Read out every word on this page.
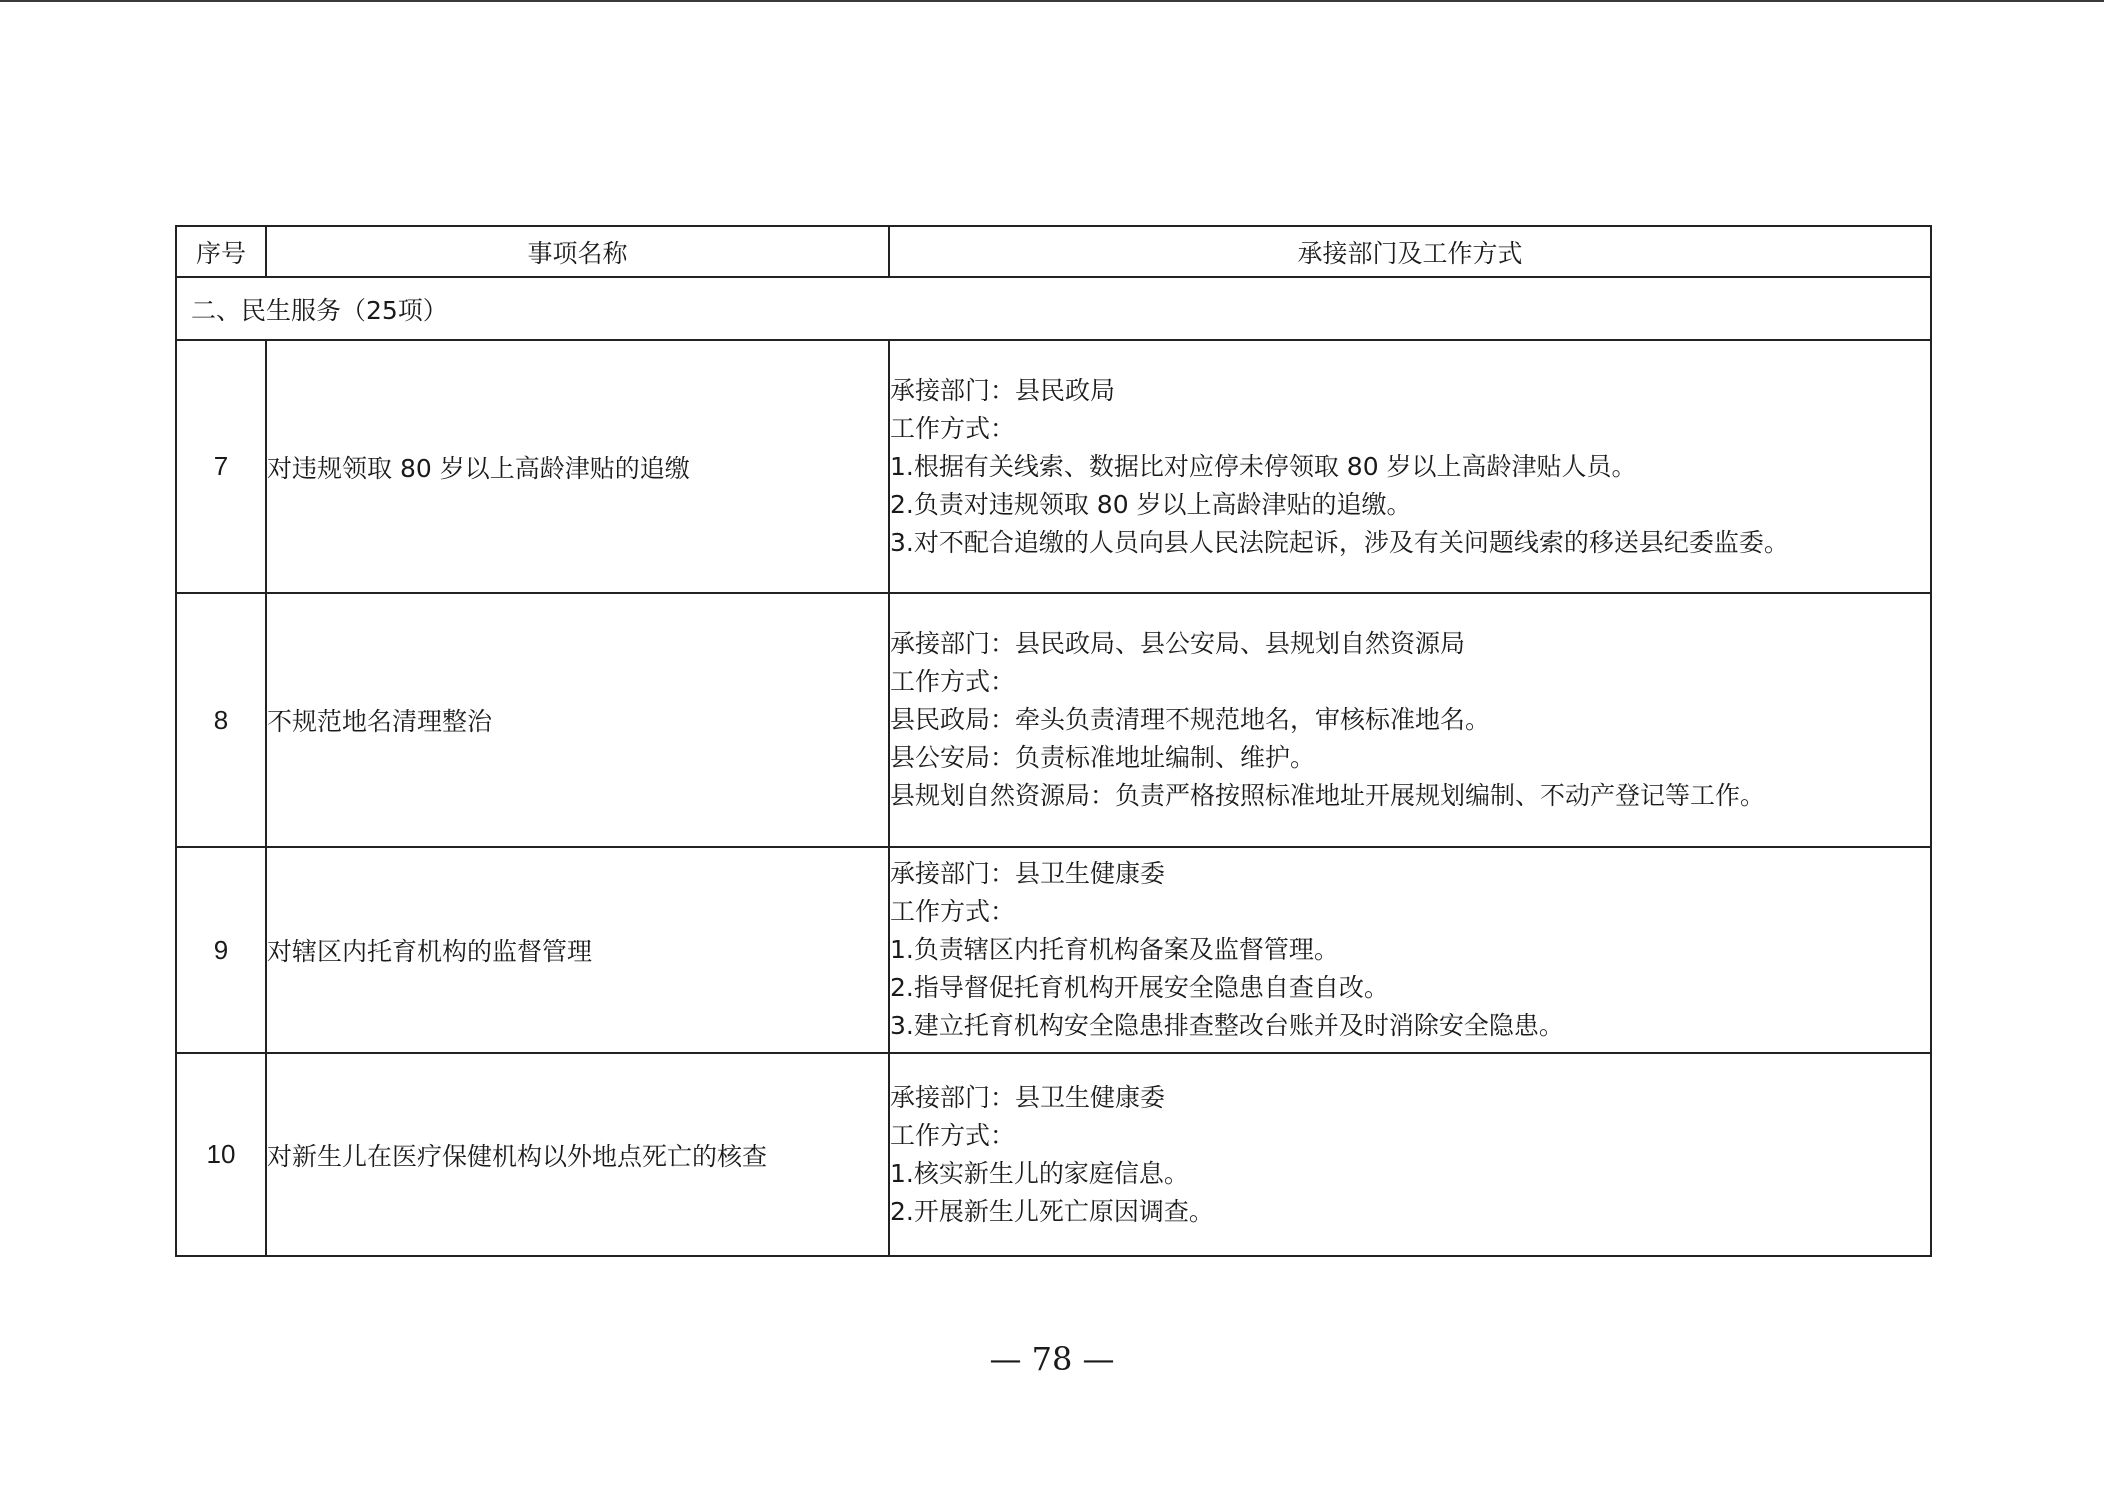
序号	事项名称	承接部门及工作方式
二、民生服务（25项）		
7	对违规领取 80 岁以上高龄津贴的追缴	承接部门：县民政局
工作方式：
1.根据有关线索、数据比对应停未停领取 80 岁以上高龄津贴人员。
2.负责对违规领取 80 岁以上高龄津贴的追缴。
3.对不配合追缴的人员向县人民法院起诉，涉及有关问题线索的移送县纪委监委。

8	不规范地名清理整治	承接部门：县民政局、县公安局、县规划自然资源局
工作方式：
县民政局：牵头负责清理不规范地名，审核标准地名。
县公安局：负责标准地址编制、维护。
县规划自然资源局：负责严格按照标准地址开展规划编制、不动产登记等工作。

9	对辖区内托育机构的监督管理	承接部门：县卫生健康委
工作方式：
1.负责辖区内托育机构备案及监督管理。
2.指导督促托育机构开展安全隐患自查自改。
3.建立托育机构安全隐患排查整改台账并及时消除安全隐患。

10	对新生儿在医疗保健机构以外地点死亡的核查	承接部门：县卫生健康委
工作方式：
1.核实新生儿的家庭信息。
2.开展新生儿死亡原因调查。
— 78 —
